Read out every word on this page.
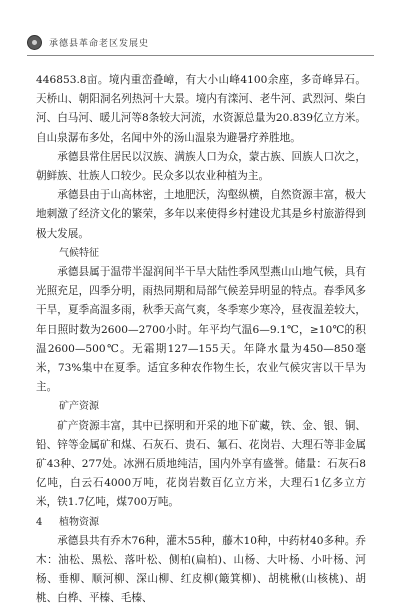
承德县革命老区发展史

446853.8亩。境内重峦叠嶂，有大小山峰4100余座，多奇峰异石。天桥山、朝阳洞名列热河十大景。境内有滦河、老牛河、武烈河、柴白河、白马河、暖儿河等8条较大河流，水资源总量为20.839亿立方米。自山泉潺布多处，名闻中外的汤山温泉为避暑疗养胜地。

承德县常住居民以汉族、满族人口为众，蒙古族、回族人口次之，朝鲜族、壮族人口较少。民众多以农业种植为主。

承德县由于山高林密，土地肥沃，沟壑纵横，自然资源丰富，极大地刺激了经济文化的繁荣，多年以来使得乡村建设尤其是乡村旅游得到极大发展。

气候特征

承德县属于温带半湿润间半干旱大陆性季风型燕山山地气候，具有光照充足，四季分明，雨热同期和局部气候差异明显的特点。春季风多干旱，夏季高温多雨，秋季天高气爽，冬季寒少寒冷，昼夜温差较大，年日照时数为2600—2700小时。年平均气温6—9.1℃，≥10℃的积温2600—500℃。无霜期127—155天。年降水量为450—850毫米，73%集中在夏季。适宜多种农作物生长，农业气候灾害以干旱为主。

矿产资源

矿产资源丰富，其中已探明和开采的地下矿藏，铁、金、银、铜、铅、锌等金属矿和煤、石灰石、贵石、氟石、花岗岩、大理石等非金属矿43种、277处。冰洲石质地纯洁，国内外享有盛誉。储量：石灰石8亿吨，白云石4000万吨，花岗岩数百亿立方米，大理石1亿多立方米，铁1.7亿吨，煤700万吨。

植物资源

承德县共有乔木76种，灌木55种，藤木10种，中药材40多种。乔木：油松、黑松、落叶松、侧柏(扁柏)、山杨、大叶杨、小叶杨、河杨、垂柳、顺河柳、深山柳、红皮柳(簸箕柳)、胡桃楸(山核桃)、胡桃、白桦、平榛、毛榛、

4
